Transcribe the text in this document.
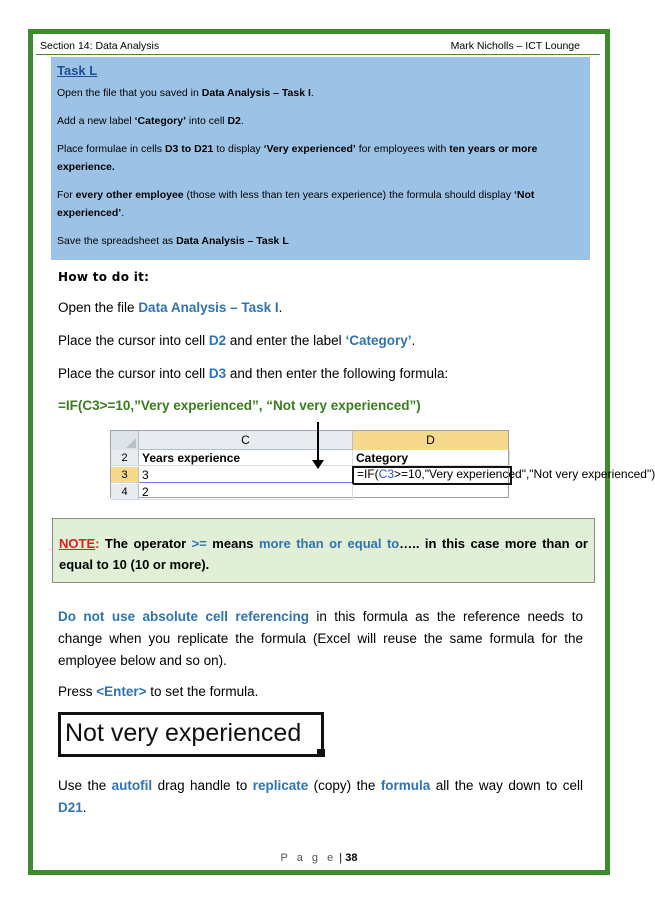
Section 14: Data Analysis	Mark Nicholls – ICT Lounge
Task L

Open the file that you saved in Data Analysis – Task I.

Add a new label ‘Category’ into cell D2.

Place formulae in cells D3 to D21 to display ‘Very experienced’ for employees with ten years or more experience.

For every other employee (those with less than ten years experience) the formula should display ‘Not experienced’.

Save the spreadsheet as Data Analysis – Task L

How to do it:

Open the file Data Analysis – Task I.

Place the cursor into cell D2 and enter the label ‘Category’.

Place the cursor into cell D3 and then enter the following formula:

=IF(C3>=10,”Very experienced”, “Not very experienced”)

C	D
2	Years experience	Category
3	3	=IF(C3>=10,"Very experienced","Not very experienced")
4	2
NOTE: The operator >= means more than or equal to….. in this case more than or equal to 10 (10 or more).

Do not use absolute cell referencing in this formula as the reference needs to change when you replicate the formula (Excel will reuse the same formula for the employee below and so on).

Press <Enter> to set the formula.

Not very experienced

Use the autofil drag handle to replicate (copy) the formula all the way down to cell D21.

P a g e | 38
